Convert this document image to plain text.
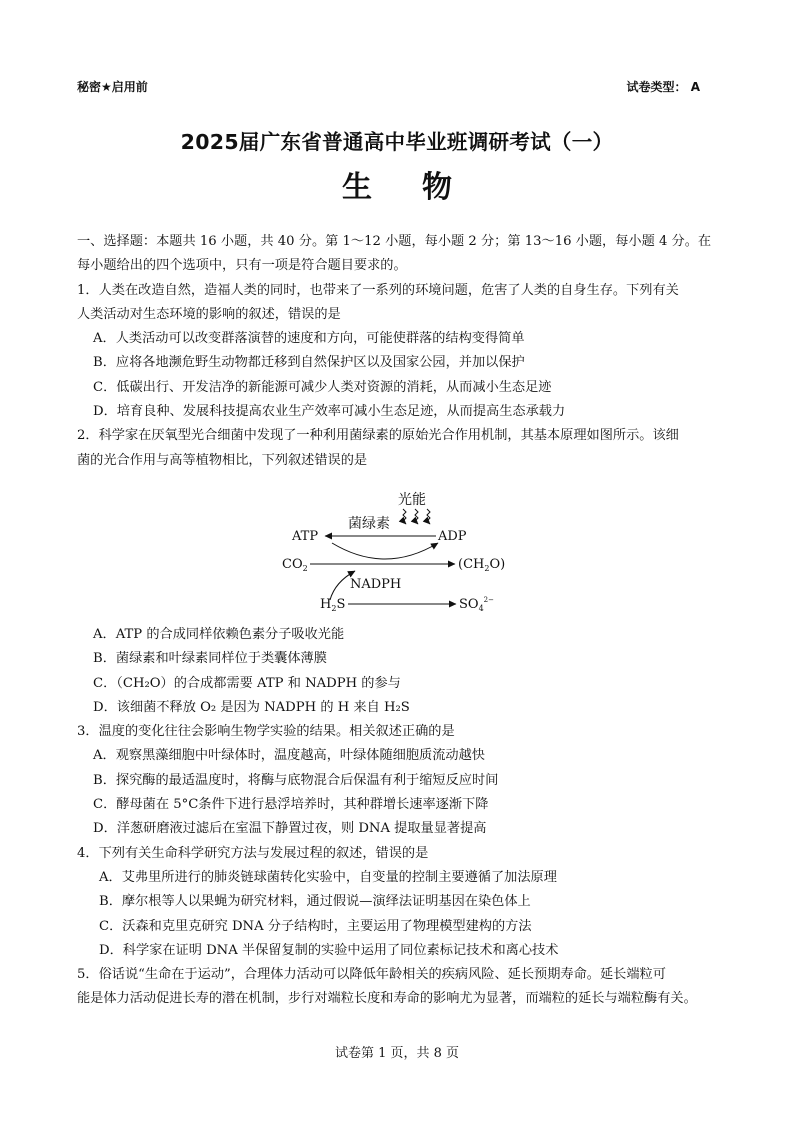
秘密★启用前	试卷类型： A
2025届广东省普通高中毕业班调研考试（一）
生物

一、选择题：本题共 16 小题，共 40 分。第 1～12 小题，每小题 2 分；第 13～16 小题，每小题 4 分。在

每小题给出的四个选项中，只有一项是符合题目要求的。

1．人类在改造自然，造福人类的同时，也带来了一系列的环境问题，危害了人类的自身生存。下列有关

人类活动对生态环境的影响的叙述，错误的是

A．人类活动可以改变群落演替的速度和方向，可能使群落的结构变得简单

B．应将各地濒危野生动物都迁移到自然保护区以及国家公园，并加以保护

C．低碳出行、开发洁净的新能源可减少人类对资源的消耗，从而减小生态足迹

D．培育良种、发展科技提高农业生产效率可减小生态足迹，从而提高生态承载力

2．科学家在厌氧型光合细菌中发现了一种利用菌绿素的原始光合作用机制，其基本原理如图所示。该细

菌的光合作用与高等植物相比，下列叙述错误的是

光能
菌绿素
ATP	ADP
$CO_2$	$(CH_2O)$
NADPH
$H_2S$	$SO_4^{2-}$

A．ATP 的合成同样依赖色素分子吸收光能

B．菌绿素和叶绿素同样位于类囊体薄膜

C．（CH₂O）的合成都需要 ATP 和 NADPH 的参与

D．该细菌不释放 O₂ 是因为 NADPH 的 H 来自 H₂S

3．温度的变化往往会影响生物学实验的结果。相关叙述正确的是

A．观察黑藻细胞中叶绿体时，温度越高，叶绿体随细胞质流动越快

B．探究酶的最适温度时，将酶与底物混合后保温有利于缩短反应时间

C．酵母菌在 5°C条件下进行悬浮培养时，其种群增长速率逐渐下降

D．洋葱研磨液过滤后在室温下静置过夜，则 DNA 提取量显著提高

4．下列有关生命科学研究方法与发展过程的叙述，错误的是

A．艾弗里所进行的肺炎链球菌转化实验中，自变量的控制主要遵循了加法原理

B．摩尔根等人以果蝇为研究材料，通过假说—演绎法证明基因在染色体上

C．沃森和克里克研究 DNA 分子结构时，主要运用了物理模型建构的方法

D．科学家在证明 DNA 半保留复制的实验中运用了同位素标记技术和离心技术

5．俗话说“生命在于运动”，合理体力活动可以降低年龄相关的疾病风险、延长预期寿命。延长端粒可

能是体力活动促进长寿的潜在机制，步行对端粒长度和寿命的影响尤为显著，而端粒的延长与端粒酶有关。

试卷第 1 页，共 8 页
